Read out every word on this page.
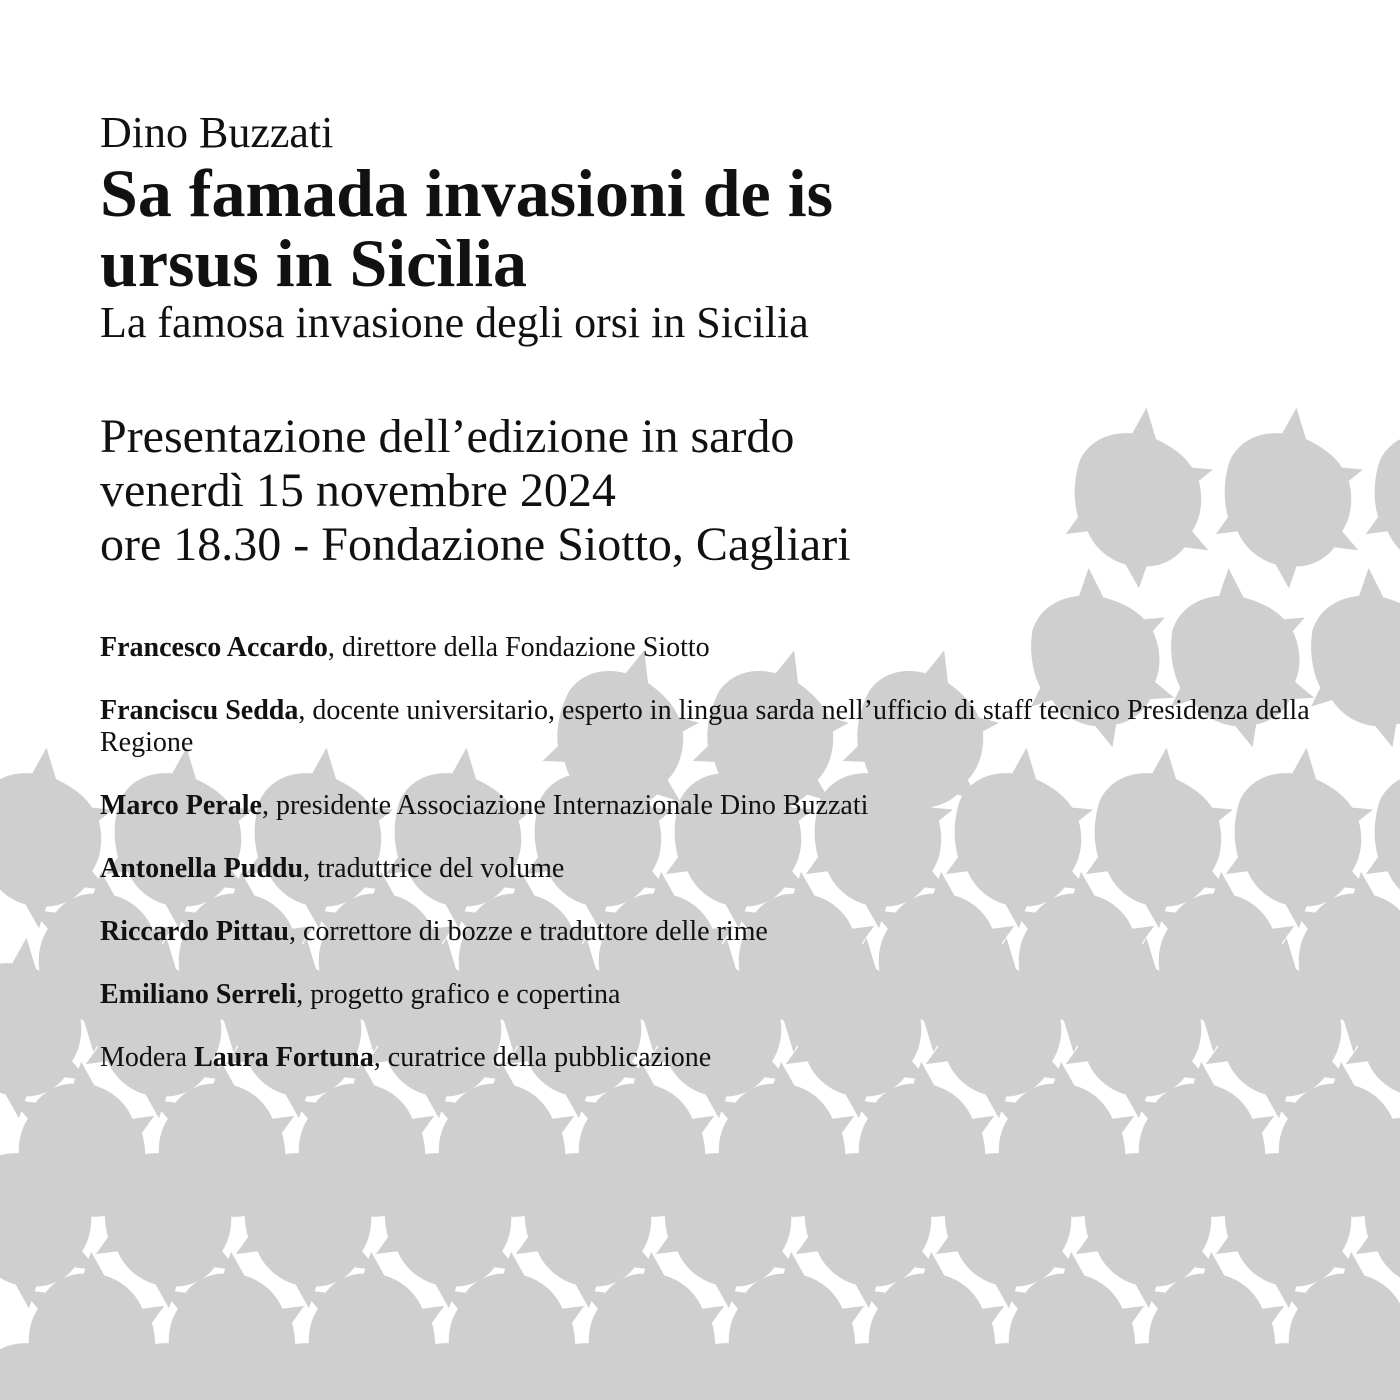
Dino Buzzati
Sa famada invasioni de is ursus in Sicìlia
La famosa invasione degli orsi in Sicilia

Presentazione dell’edizione in sardo

venerdì 15 novembre 2024

ore 18.30 - Fondazione Siotto, Cagliari

Francesco Accardo, direttore della Fondazione Siotto
Franciscu Sedda, docente universitario, esperto in lingua sarda nell’ufficio di staff tecnico Presidenza della Regione
Marco Perale, presidente Associazione Internazionale Dino Buzzati
Antonella Puddu, traduttrice del volume
Riccardo Pittau, correttore di bozze e traduttore delle rime
Emiliano Serreli, progetto grafico e copertina
Modera Laura Fortuna, curatrice della pubblicazione
